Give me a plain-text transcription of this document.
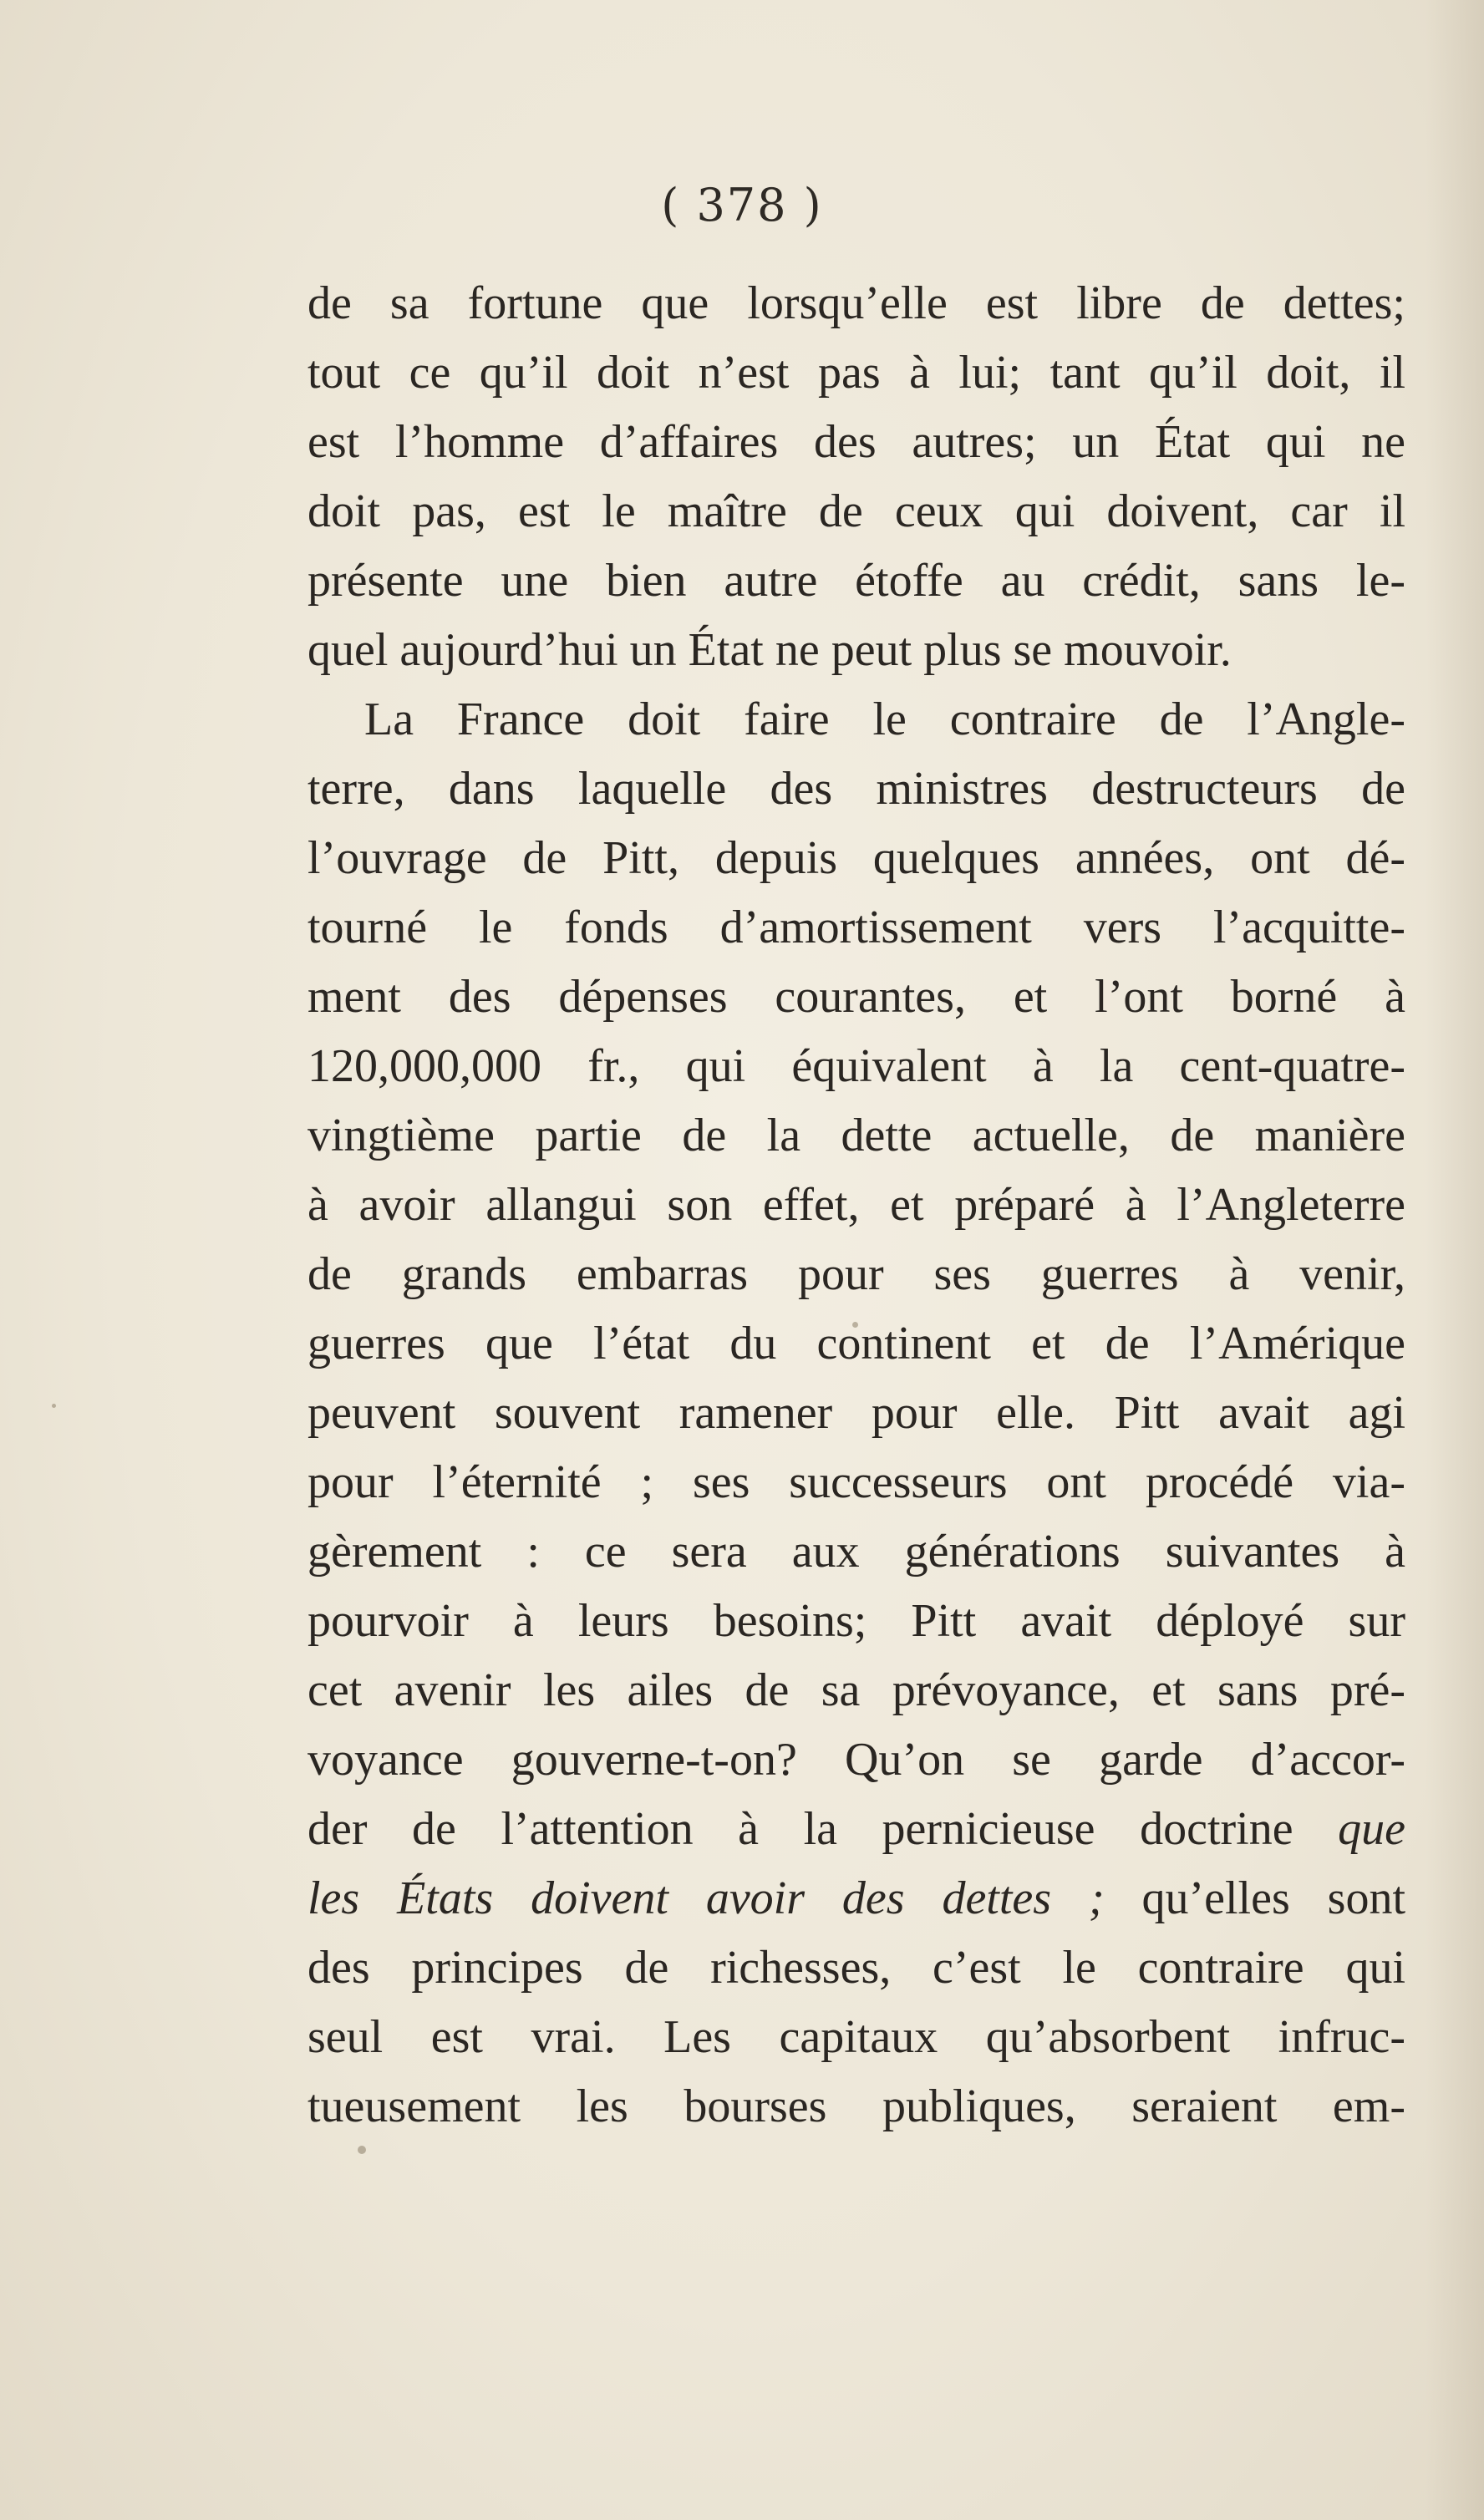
( 378 )
de sa fortune que lorsqu’elle est libre de dettes;
tout ce qu’il doit n’est pas à lui; tant qu’il doit, il
est l’homme d’affaires des autres; un État qui ne
doit pas, est le maître de ceux qui doivent, car il
présente une bien autre étoffe au crédit, sans le-
quel aujourd’hui un État ne peut plus se mouvoir.
La France doit faire le contraire de l’Angle-
terre, dans laquelle des ministres destructeurs de
l’ouvrage de Pitt, depuis quelques années, ont dé-
tourné le fonds d’amortissement vers l’acquitte-
ment des dépenses courantes, et l’ont borné à
120,000,000 fr., qui équivalent à la cent-quatre-
vingtième partie de la dette actuelle, de manière
à avoir allangui son effet, et préparé à l’Angleterre
de grands embarras pour ses guerres à venir,
guerres que l’état du continent et de l’Amérique
peuvent souvent ramener pour elle. Pitt avait agi
pour l’éternité ; ses successeurs ont procédé via-
gèrement : ce sera aux générations suivantes à
pourvoir à leurs besoins; Pitt avait déployé sur
cet avenir les ailes de sa prévoyance, et sans pré-
voyance gouverne-t-on? Qu’on se garde d’accor-
der de l’attention à la pernicieuse doctrine que
les États doivent avoir des dettes ; qu’elles sont
des principes de richesses, c’est le contraire qui
seul est vrai. Les capitaux qu’absorbent infruc-
tueusement les bourses publiques, seraient em-
